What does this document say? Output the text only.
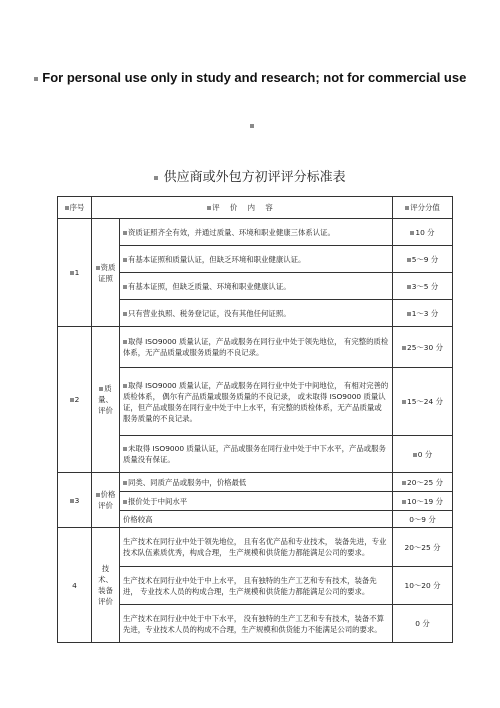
For personal use only in study and research; not for commercial use
供应商或外包方初评评分标准表
序号	评 价 内 容		评分分值
1	资质证照	资质证照齐全有效，并通过质量、环境和职业健康三体系认证。	10 分
		有基本证照和质量认证，但缺乏环境和职业健康认证。	5～9 分
		有基本证照，但缺乏质量、环境和职业健康认证。	3～5 分
		只有营业执照、税务登记证，没有其他任何证照。	1～3 分
2	质量、评价	取得 ISO9000 质量认证，产品或服务在同行业中处于领先地位， 有完整的质检体系，无产品质量或服务质量的不良记录。	25～30 分
		取得 ISO9000 质量认证，产品或服务在同行业中处于中间地位， 有相对完善的质检体系， 偶尔有产品质量或服务质量的不良记录， 或未取得 ISO9000 质量认证，但产品或服务在同行业中处于中上水平，有完整的质检体系，无产品质量或服务质量的不良记录。	15～24 分
		未取得 ISO9000 质量认证，产品或服务在同行业中处于中下水平，产品或服务质量没有保证。	0 分
3	价格评价	同类、同质产品或服务中，价格最低	20～25 分
		报价处于中间水平	10～19 分
		价格较高	0～9 分
4	技术、装备评价	生产技术在同行业中处于领先地位， 且有名优产品和专业技术， 装备先进，专业技术队伍素质优秀，构成合理， 生产规模和供货能力都能满足公司的要求。	20～25 分
		生产技术在同行业中处于中上水平， 且有独特的生产工艺和专有技术，装备先进， 专业技术人员的构成合理，生产规模和供货能力都能满足公司的要求。	10～20 分
		生产技术在同行业中处于中下水平， 没有独特的生产工艺和专有技术，装备不算先进，专业技术人员的构成不合理，生产规模和供货能力不能满足公司的要求。	0 分
